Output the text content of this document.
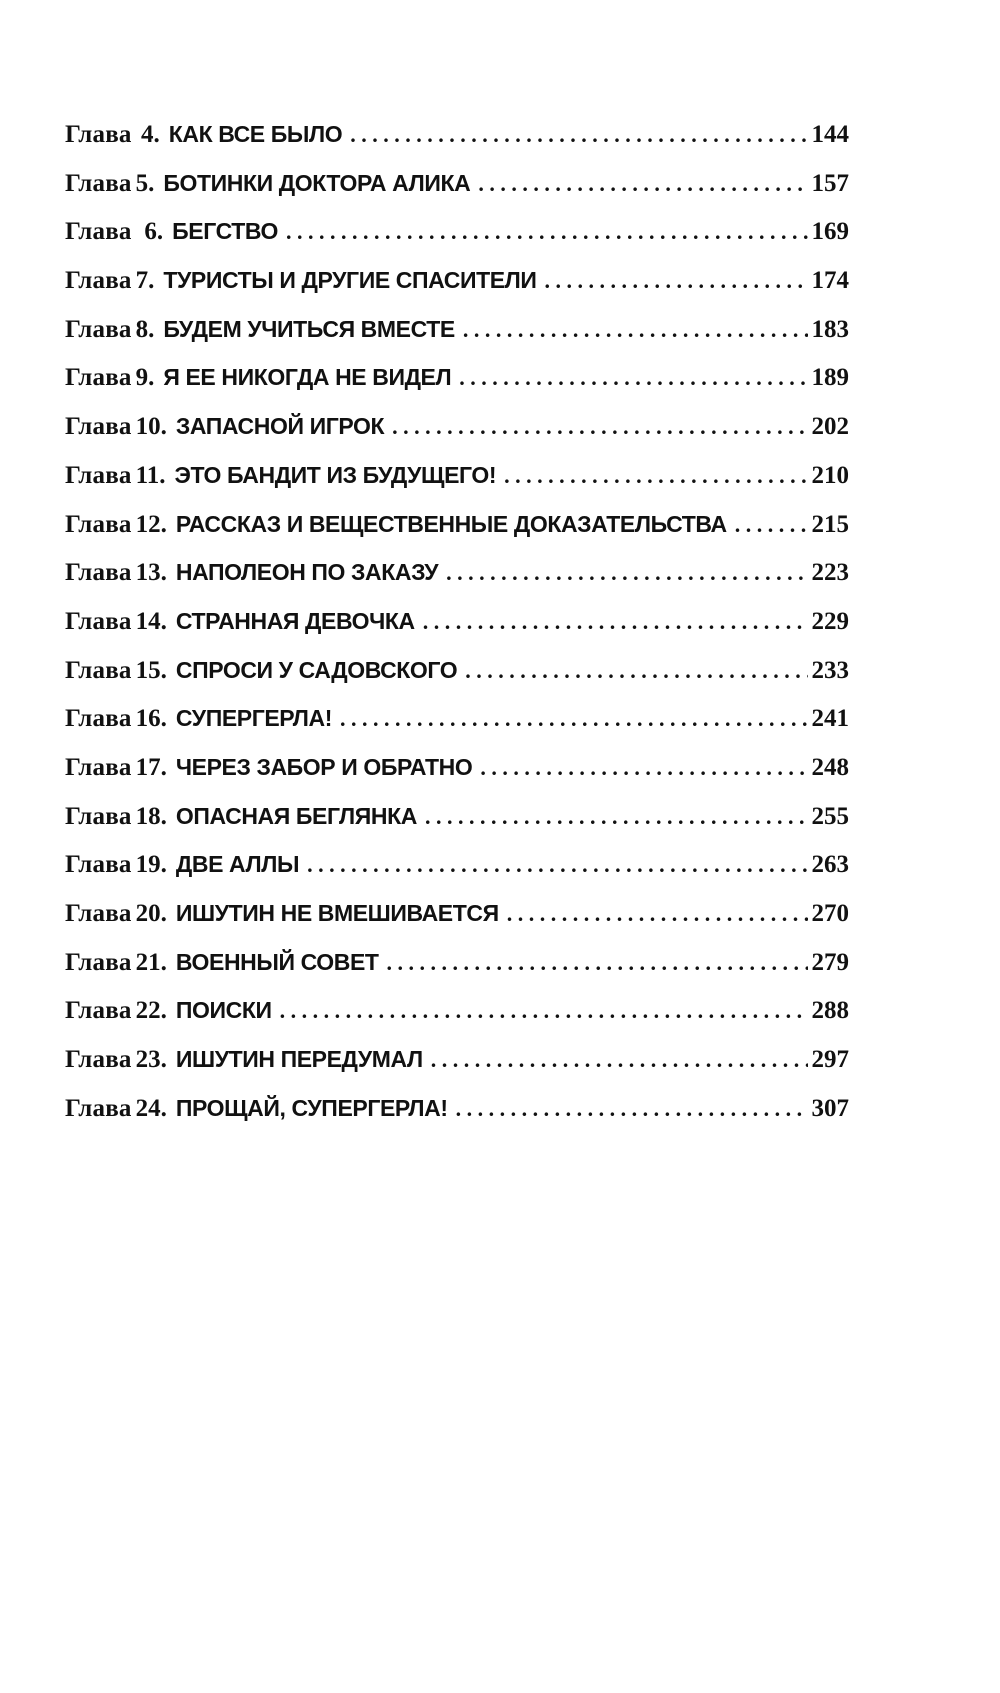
Глава 4. КАК ВСЕ БЫЛО . . .	144
Глава 5. БОТИНКИ ДОКТОРА АЛИКА . . .	157
Глава 6. БЕГСТВО . . .	169
Глава 7. ТУРИСТЫ И ДРУГИЕ СПАСИТЕЛИ . . .	174
Глава 8. БУДЕМ УЧИТЬСЯ ВМЕСТЕ . . .	183
Глава 9. Я ЕЕ НИКОГДА НЕ ВИДЕЛ . . .	189
Глава 10. ЗАПАСНОЙ ИГРОК . . .	202
Глава 11. ЭТО БАНДИТ ИЗ БУДУЩЕГО! . . .	210
Глава 12. РАССКАЗ И ВЕЩЕСТВЕННЫЕ ДОКАЗАТЕЛЬСТВА . . .	215
Глава 13. НАПОЛЕОН ПО ЗАКАЗУ . . .	223
Глава 14. СТРАННАЯ ДЕВОЧКА . . .	229
Глава 15. СПРОСИ У САДОВСКОГО . . .	233
Глава 16. СУПЕРГЕРЛА! . . .	241
Глава 17. ЧЕРЕЗ ЗАБОР И ОБРАТНО . . .	248
Глава 18. ОПАСНАЯ БЕГЛЯНКА . . .	255
Глава 19. ДВЕ АЛЛЫ . . .	263
Глава 20. ИШУТИН НЕ ВМЕШИВАЕТСЯ . . .	270
Глава 21. ВОЕННЫЙ СОВЕТ . . .	279
Глава 22. ПОИСКИ . . .	288
Глава 23. ИШУТИН ПЕРЕДУМАЛ . . .	297
Глава 24. ПРОЩАЙ, СУПЕРГЕРЛА! . . .	307
